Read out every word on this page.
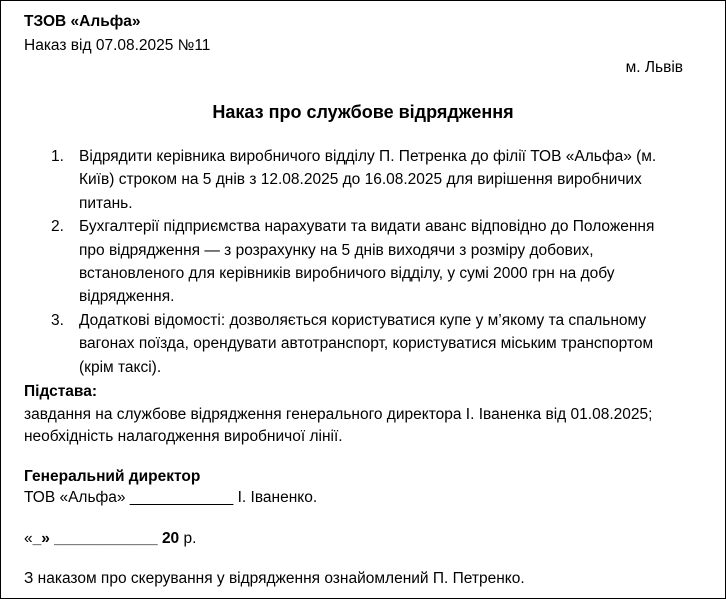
ТЗОВ «Альфа»
Наказ від 07.08.2025 №11
м. Львів
Наказ про службове відрядження
1. Відрядити керівника виробничого відділу П. Петренка до філії ТОВ «Альфа» (м.
Київ) строком на 5 днів з 12.08.2025 до 16.08.2025 для вирішення виробничих
питань.
2. Бухгалтерії підприємства нарахувати та видати аванс відповідно до Положення
про відрядження — з розрахунку на 5 днів виходячи з розміру добових,
встановленого для керівників виробничого відділу, у сумі 2000 грн на добу
відрядження.
3. Додаткові відомості: дозволяється користуватися купе у м’якому та спальному
вагонах поїзда, орендувати автотранспорт, користуватися міським транспортом
(крім таксі).
Підстава:
завдання на службове відрядження генерального директора І. Іваненка від 01.08.2025;
необхідність налагодження виробничої лінії.
Генеральний директор
ТОВ «Альфа» ____________ І. Іваненко.
«_» ____________ 20 р.
З наказом про скерування у відрядження ознайомлений П. Петренко.
